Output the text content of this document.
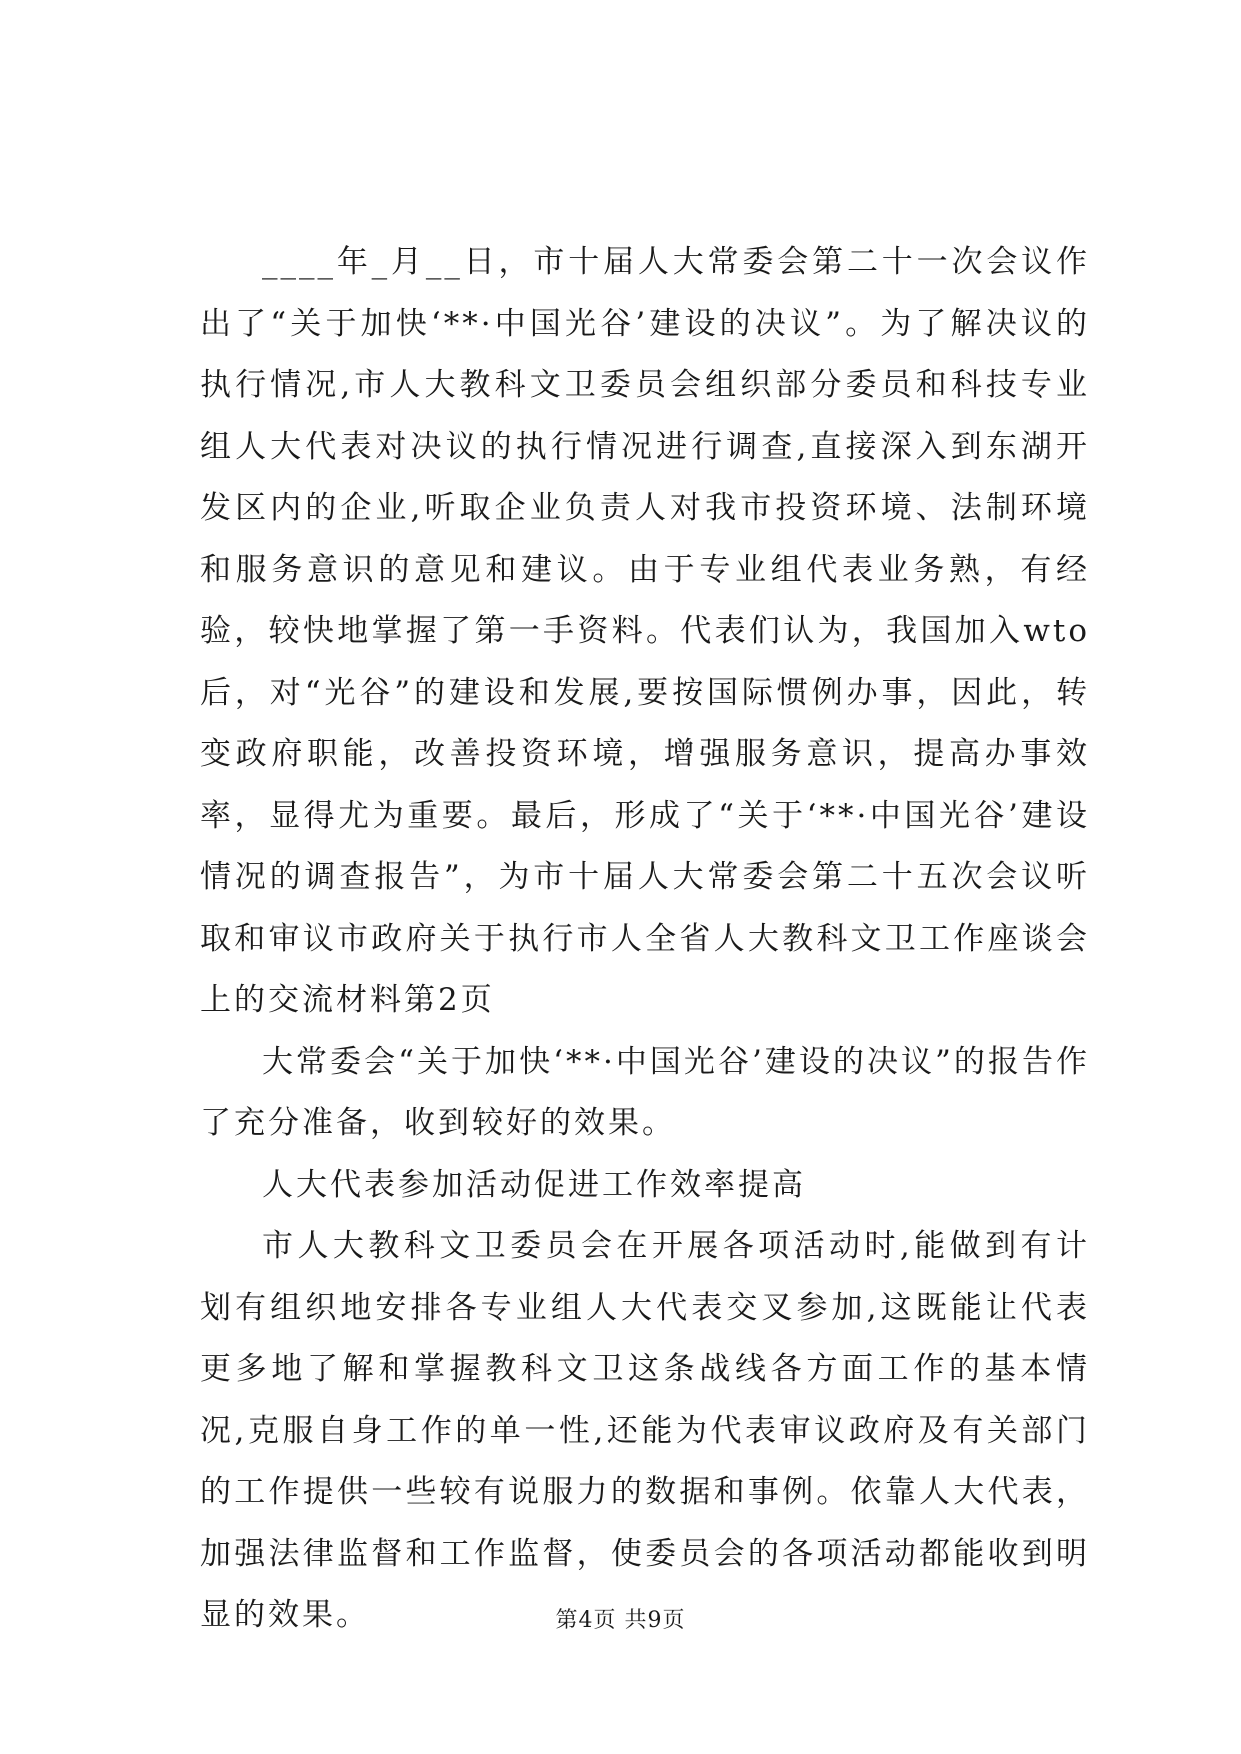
____年_月__日，市十届人大常委会第二十一次会议作出了“关于加快‘**·中国光谷’建设的决议”。为了解决议的执行情况,市人大教科文卫委员会组织部分委员和科技专业组人大代表对决议的执行情况进行调查,直接深入到东湖开发区内的企业,听取企业负责人对我市投资环境、法制环境和服务意识的意见和建议。由于专业组代表业务熟，有经验，较快地掌握了第一手资料。代表们认为，我国加入wto后，对“光谷”的建设和发展,要按国际惯例办事，因此，转变政府职能，改善投资环境，增强服务意识，提高办事效率，显得尤为重要。最后，形成了“关于‘**·中国光谷’建设情况的调查报告”，为市十届人大常委会第二十五次会议听取和审议市政府关于执行市人全省人大教科文卫工作座谈会上的交流材料第2页

大常委会“关于加快‘**·中国光谷’建设的决议”的报告作了充分准备，收到较好的效果。

人大代表参加活动促进工作效率提高

市人大教科文卫委员会在开展各项活动时,能做到有计划有组织地安排各专业组人大代表交叉参加,这既能让代表更多地了解和掌握教科文卫这条战线各方面工作的基本情况,克服自身工作的单一性,还能为代表审议政府及有关部门的工作提供一些较有说服力的数据和事例。依靠人大代表，加强法律监督和工作监督，使委员会的各项活动都能收到明显的效果。	第4页 共9页
